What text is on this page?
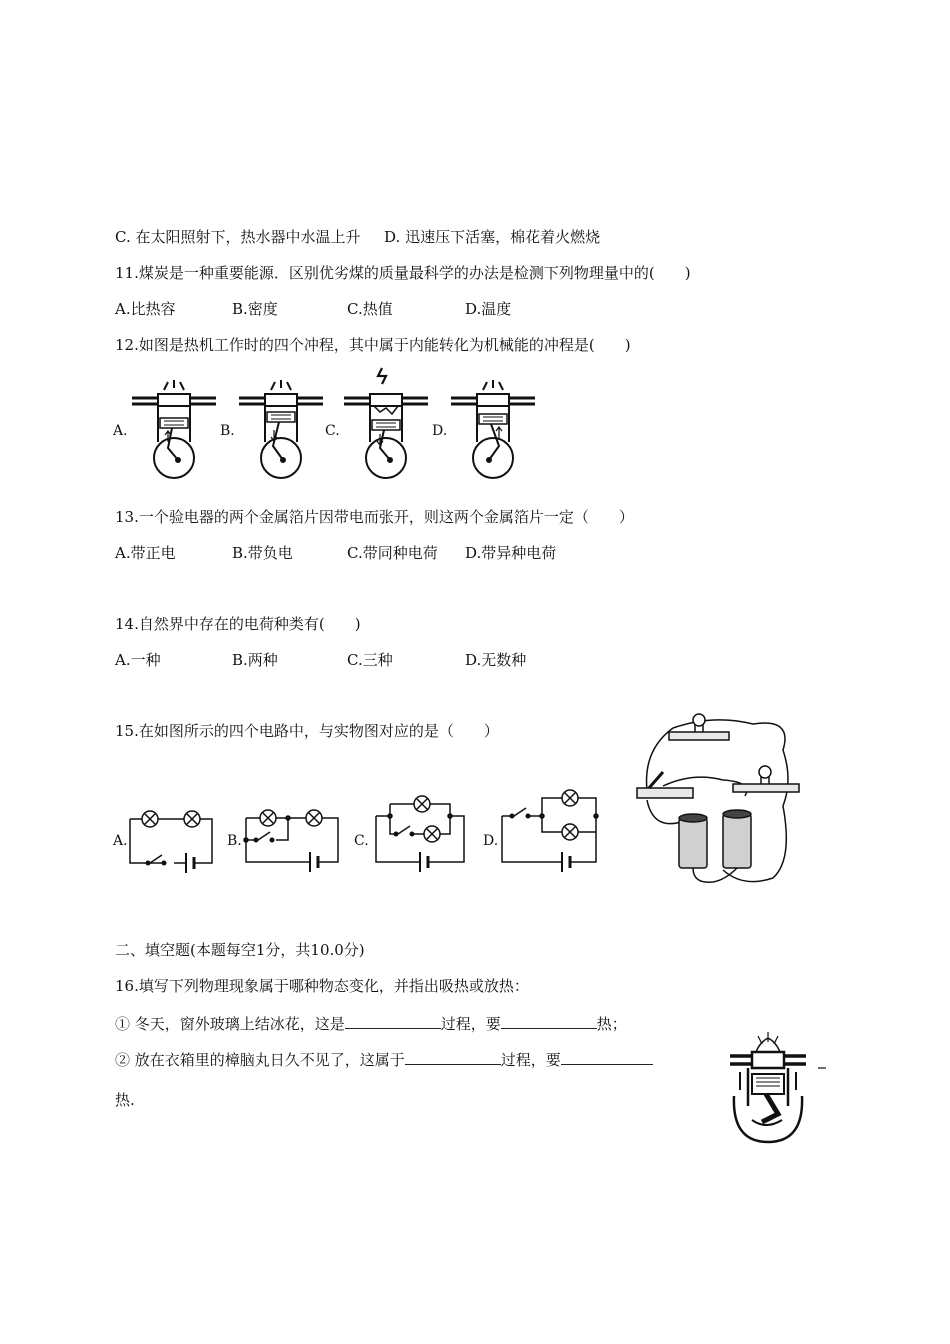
C. 在太阳照射下，热水器中水温上升 D. 迅速压下活塞，棉花着火燃烧
11.煤炭是一种重要能源．区别优劣煤的质量最科学的办法是检测下列物理量中的(　　)
A.比热容	B.密度	C.热值	D.温度
12.如图是热机工作时的四个冲程，其中属于内能转化为机械能的冲程是(　　)
A.	B.	C.	D.
13.一个验电器的两个金属箔片因带电而张开，则这两个金属箔片一定（　　）
A.带正电	B.带负电	C.带同种电荷 D.带异种电荷
14.自然界中存在的电荷种类有(　　)
A.一种	B.两种	C.三种	D.无数种
15.在如图所示的四个电路中，与实物图对应的是（　　）
A.	B.	C.	D.
二、填空题(本题每空1分，共10.0分)
16.填写下列物理现象属于哪种物态变化，并指出吸热或放热：
① 冬天，窗外玻璃上结冰花，这是	过程，要	热；
② 放在衣箱里的樟脑丸日久不见了，这属于	过程，要
热.
